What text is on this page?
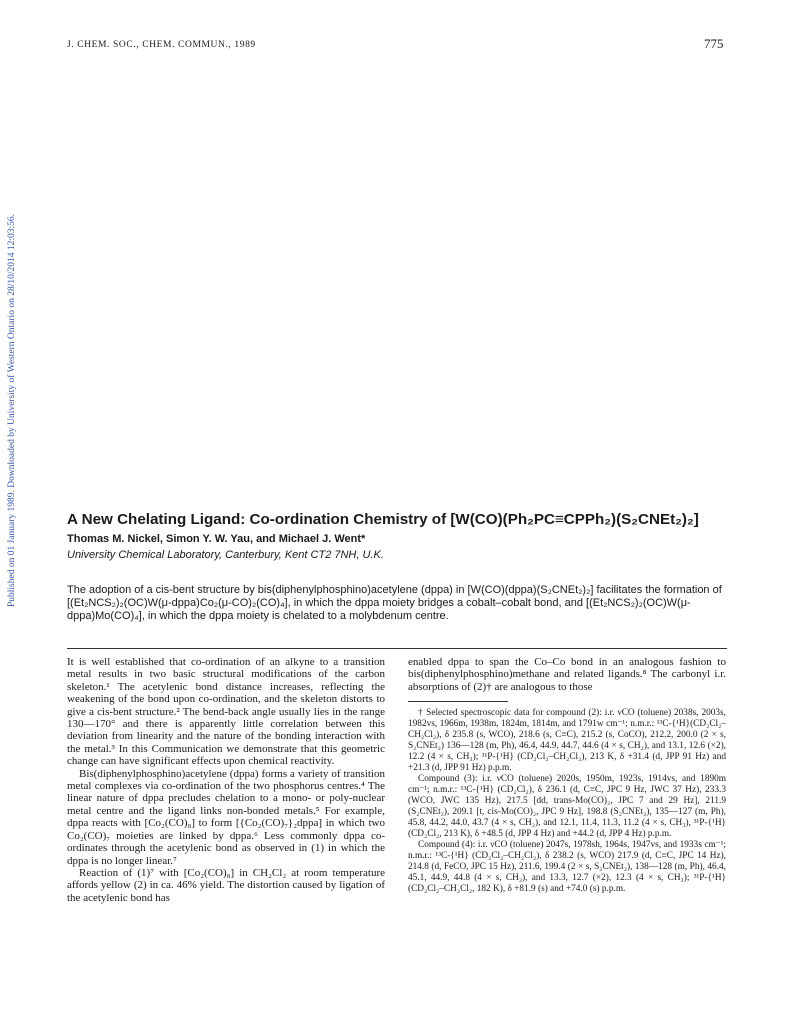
J. CHEM. SOC., CHEM. COMMUN., 1989	775
Published on 01 January 1989. Downloaded by University of Western Ontario on 28/10/2014 12:03:56.	A New Chelating Ligand: Co-ordination Chemistry of [W(CO)(Ph₂PC≡CPPh₂)(S₂CNEt₂)₂]
Thomas M. Nickel, Simon Y. W. Yau, and Michael J. Went*
University Chemical Laboratory, Canterbury, Kent CT2 7NH, U.K.
The adoption of a cis-bent structure by bis(diphenylphosphino)acetylene (dppa) in [W(CO)(dppa)(S₂CNEt₂)₂] facilitates the formation of [(Et₂NCS₂)₂(OC)W(μ-dppa)Co₂(μ-CO)₂(CO)₄], in which the dppa moiety bridges a cobalt–cobalt bond, and [(Et₂NCS₂)₂(OC)W(μ-dppa)Mo(CO)₄], in which the dppa moiety is chelated to a molybdenum centre.

It is well established that co-ordination of an alkyne to a transition metal results in two basic structural modifications of the carbon skeleton.¹ The acetylenic bond distance increases, reflecting the weakening of the bond upon co-ordination, and the skeleton distorts to give a cis-bent structure.² The bend-back angle usually lies in the range 130—170° and there is apparently little correlation between this deviation from linearity and the nature of the bonding interaction with the metal.³ In this Communication we demonstrate that this geometric change can have significant effects upon chemical reactivity.

Bis(diphenylphosphino)acetylene (dppa) forms a variety of transition metal complexes via co-ordination of the two phosphorus centres.⁴ The linear nature of dppa precludes chelation to a mono- or poly-nuclear metal centre and the ligand links non-bonded metals.⁵ For example, dppa reacts with [Co₂(CO)₈] to form [{Co₂(CO)₇}₂dppa] in which two Co₂(CO)₇ moieties are linked by dppa.⁶ Less commonly dppa co-ordinates through the acetylenic bond as observed in (1) in which the dppa is no longer linear.⁷

Reaction of (1)⁷ with [Co₂(CO)₈] in CH₂Cl₂ at room temperature affords yellow (2) in ca. 46% yield. The distortion caused by ligation of the acetylenic bond has

enabled dppa to span the Co–Co bond in an analogous fashion to bis(diphenylphosphino)methane and related ligands.⁸ The carbonyl i.r. absorptions of (2)† are analogous to those

† Selected spectroscopic data for compound (2): i.r. νCO (toluene) 2038s, 2003s, 1982vs, 1966m, 1938m, 1824m, 1814m, and 1791w cm⁻¹; n.m.r.: ¹³C-{¹H}(CD₂Cl₂–CH₂Cl₂), δ 235.8 (s, WCO), 218.6 (s, C≡C), 215.2 (s, CoCO), 212.2, 200.0 (2 × s, S₂CNEt₂) 136—128 (m, Ph), 46.4, 44.9, 44.7, 44.6 (4 × s, CH₂), and 13.1, 12.6 (×2), 12.2 (4 × s, CH₃); ³¹P-{¹H} (CD₂Cl₂–CH₂Cl₂), 213 K, δ +31.4 (d, JPP 91 Hz) and +21.3 (d, JPP 91 Hz) p.p.m.

Compound (3): i.r. νCO (toluene) 2020s, 1950m, 1923s, 1914vs, and 1890m cm⁻¹; n.m.r.: ¹³C-{¹H} (CD₂Cl₂), δ 236.1 (d, C≡C, JPC 9 Hz, JWC 37 Hz), 233.3 (WCO, JWC 135 Hz), 217.5 [dd, trans-Mo(CO)₂, JPC 7 and 29 Hz], 211.9 (S₂CNEt₂), 209.1 [t, cis-Mo(CO)₂, JPC 9 Hz], 198.8 (S₂CNEt₂), 135—127 (m, Ph), 45.8, 44.2, 44.0, 43.7 (4 × s, CH₂), and 12.1, 11.4, 11.3, 11.2 (4 × s, CH₃), ³¹P-{¹H}(CD₂Cl₂, 213 K), δ +48.5 (d, JPP 4 Hz) and +44.2 (d, JPP 4 Hz) p.p.m.

Compound (4): i.r. νCO (toluene) 2047s, 1978sh, 1964s, 1947vs, and 1933s cm⁻¹; n.m.r.: ¹³C-{¹H} (CD₂Cl₂–CH₂Cl₂), δ 238.2 (s, WCO) 217.9 (d, C≡C, JPC 14 Hz), 214.8 (d, FeCO, JPC 15 Hz), 211.6, 199.4 (2 × s, S₂CNEt₂), 138—128 (m, Ph), 46.4, 45.1, 44.9, 44.8 (4 × s, CH₂), and 13.3, 12.7 (×2), 12.3 (4 × s, CH₃); ³¹P-{¹H} (CD₂Cl₂–CH₂Cl₂, 182 K), δ +81.9 (s) and +74.0 (s) p.p.m.
